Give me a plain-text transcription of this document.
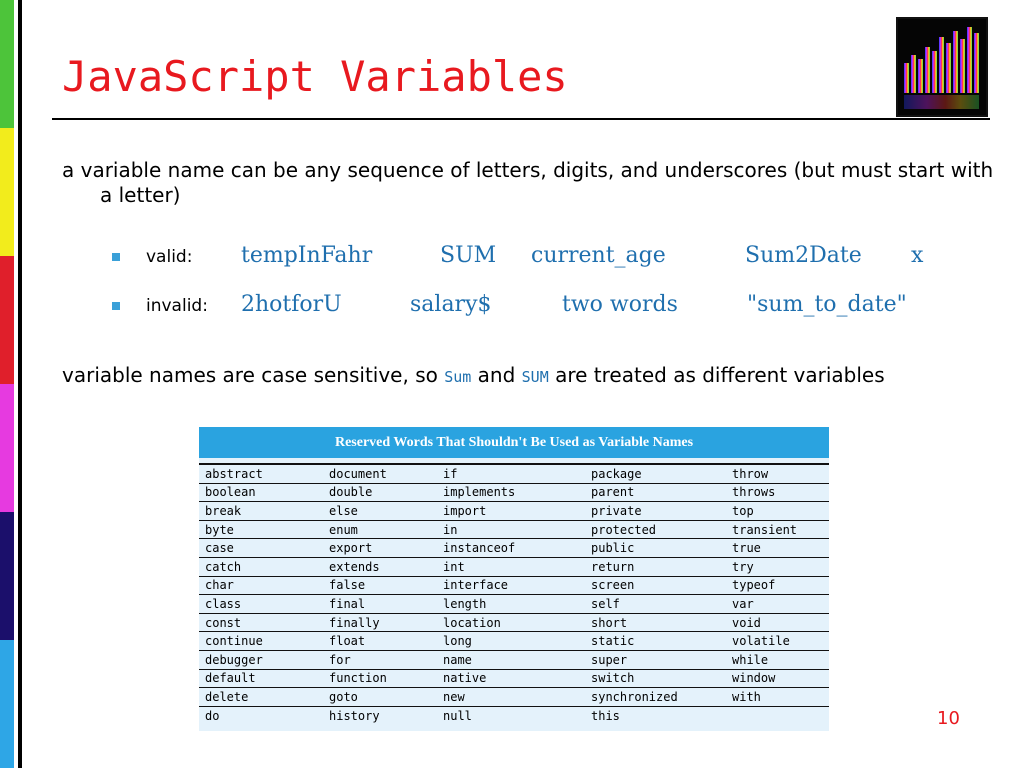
JavaScript Variables

a variable name can be any sequence of letters, digits, and underscores (but must start with a letter)

valid:	tempInFahr	SUM current_age	Sum2Date x
invalid:	2hotforU	salary$	two words	"sum_to_date"

variable names are case sensitive, so Sum and SUM are treated as different variables

Reserved Words That Shouldn't Be Used as Variable Names
abstract	document	if	package	throw
boolean	double	implements	parent	throws
break	else	import	private	top
byte	enum	in	protected	transient
case	export	instanceof	public	true
catch	extends	int	return	try
char	false	interface	screen	typeof
class	final	length	self	var
const	finally	location	short	void
continue	float	long	static	volatile
debugger	for	name	super	while
default	function	native	switch	window
delete	goto	new	synchronized	with
do	history	null	this		10
